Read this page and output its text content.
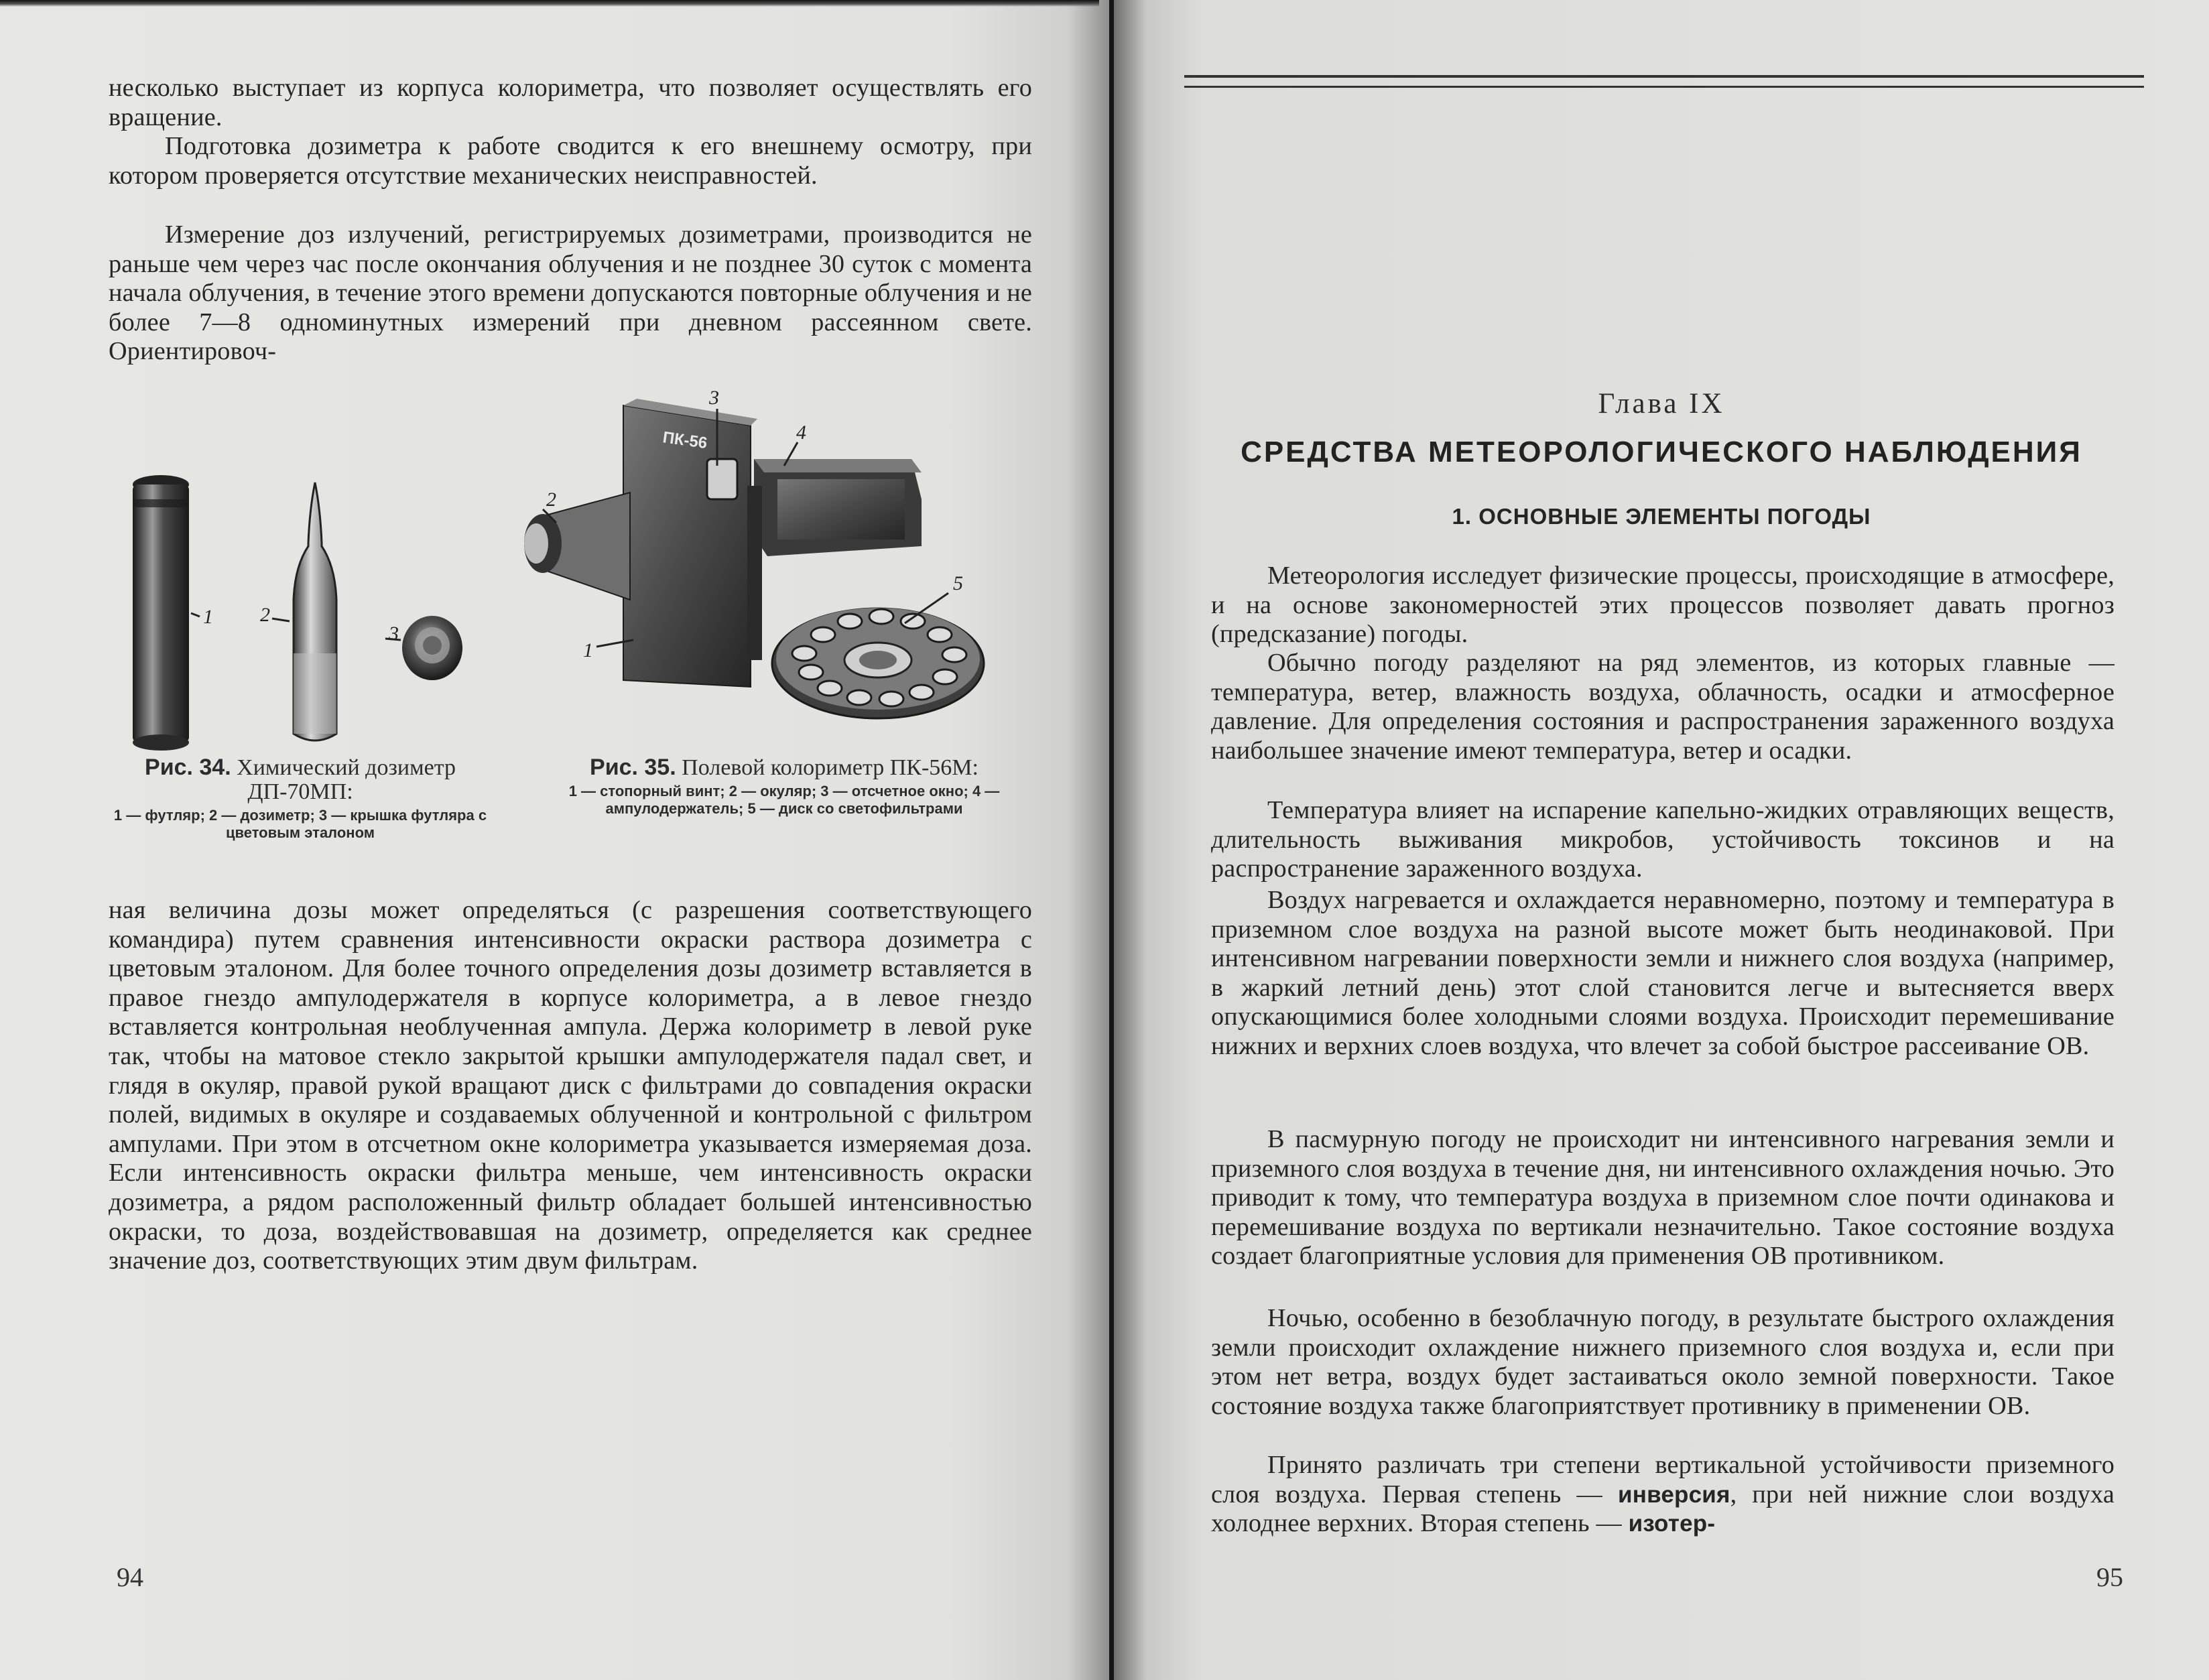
несколько выступает из корпуса колориметра, что позволяет осуществлять его вращение.

Подготовка дозиметра к работе сводится к его внешнему осмотру, при котором проверяется отсутствие механических неисправностей.

Измерение доз излучений, регистрируемых дозиметрами, производится не раньше чем через час после окончания облучения и не позднее 30 суток с момента начала облучения, в течение этого времени допускаются повторные облучения и не более 7—8 одноминутных измерений при дневном рассеянном свете. Ориентировоч-

1 2
3
ПК-56
3
4
2
1
5
Рис. 34. Химический дозиметр ДП-70МП:
1 — футляр; 2 — дозиметр; 3 — крышка футляра с цветовым эталоном
Рис. 35. Полевой колориметр ПК-56М:
1 — стопорный винт; 2 — окуляр; 3 — отсчетное окно; 4 — ампулодержатель; 5 — диск со светофильтрами

ная величина дозы может определяться (с разрешения соответствующего командира) путем сравнения интенсивности окраски раствора дозиметра с цветовым эталоном. Для более точного определения дозы дозиметр вставляется в правое гнездо ампулодержателя в корпусе колориметра, а в левое гнездо вставляется контрольная необлученная ампула. Держа колориметр в левой руке так, чтобы на матовое стекло закрытой крышки ампулодержателя падал свет, и глядя в окуляр, правой рукой вращают диск с фильтрами до совпадения окраски полей, видимых в окуляре и создаваемых облученной и контрольной с фильтром ампулами. При этом в отсчетном окне колориметра указывается измеряемая доза. Если интенсивность окраски фильтра меньше, чем интенсивность окраски дозиметра, а рядом расположенный фильтр обладает большей интенсивностью окраски, то доза, воздействовавшая на дозиметр, определяется как среднее значение доз, соответствующих этим двум фильтрам.

94
Глава IX
СРЕДСТВА МЕТЕОРОЛОГИЧЕСКОГО НАБЛЮДЕНИЯ
1. ОСНОВНЫЕ ЭЛЕМЕНТЫ ПОГОДЫ

Метеорология исследует физические процессы, происходящие в атмосфере, и на основе закономерностей этих процессов позволяет давать прогноз (предсказание) погоды.

Обычно погоду разделяют на ряд элементов, из которых главные — температура, ветер, влажность воздуха, облачность, осадки и атмосферное давление. Для определения состояния и распространения зараженного воздуха наибольшее значение имеют температура, ветер и осадки.

Температура влияет на испарение капельно-жидких отравляющих веществ, длительность выживания микробов, устойчивость токсинов и на распространение зараженного воздуха.

Воздух нагревается и охлаждается неравномерно, поэтому и температура в приземном слое воздуха на разной высоте может быть неодинаковой. При интенсивном нагревании поверхности земли и нижнего слоя воздуха (например, в жаркий летний день) этот слой становится легче и вытесняется вверх опускающимися более холодными слоями воздуха. Происходит перемешивание нижних и верхних слоев воздуха, что влечет за собой быстрое рассеивание ОВ.

В пасмурную погоду не происходит ни интенсивного нагревания земли и приземного слоя воздуха в течение дня, ни интенсивного охлаждения ночью. Это приводит к тому, что температура воздуха в приземном слое почти одинакова и перемешивание воздуха по вертикали незначительно. Такое состояние воздуха создает благоприятные условия для применения ОВ противником.

Ночью, особенно в безоблачную погоду, в результате быстрого охлаждения земли происходит охлаждение нижнего приземного слоя воздуха и, если при этом нет ветра, воздух будет застаиваться около земной поверхности. Такое состояние воздуха также благоприятствует противнику в применении ОВ.

Принято различать три степени вертикальной устойчивости приземного слоя воздуха. Первая степень — инверсия, при ней нижние слои воздуха холоднее верхних. Вторая степень — изотер-

95
